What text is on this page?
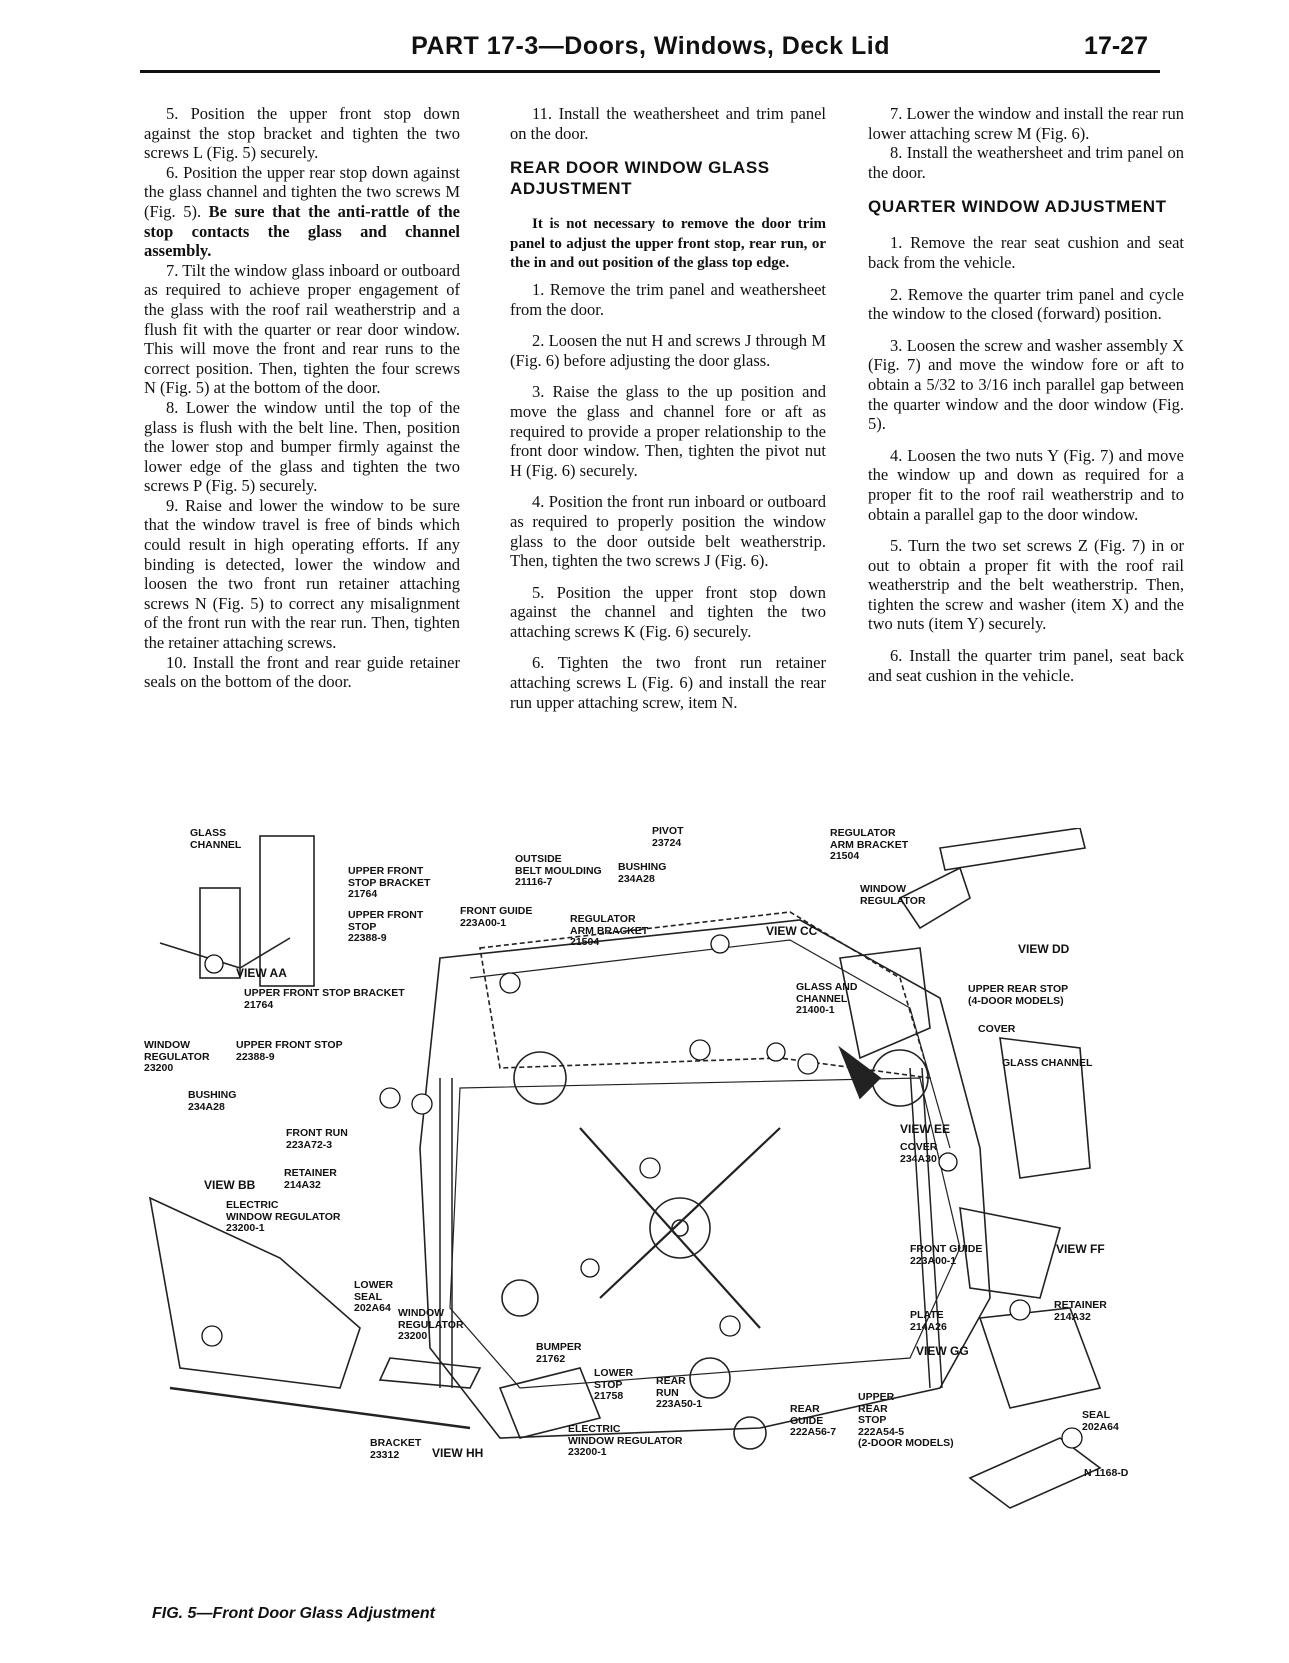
PART 17-3—Doors, Windows, Deck Lid	17-27

5. Position the upper front stop down against the stop bracket and tighten the two screws L (Fig. 5) securely.

6. Position the upper rear stop down against the glass channel and tighten the two screws M (Fig. 5). Be sure that the anti-rattle of the stop contacts the glass and channel assembly.

7. Tilt the window glass inboard or outboard as required to achieve proper engagement of the glass with the roof rail weatherstrip and a flush fit with the quarter or rear door window. This will move the front and rear runs to the correct position. Then, tighten the four screws N (Fig. 5) at the bottom of the door.

8. Lower the window until the top of the glass is flush with the belt line. Then, position the lower stop and bumper firmly against the lower edge of the glass and tighten the two screws P (Fig. 5) securely.

9. Raise and lower the window to be sure that the window travel is free of binds which could result in high operating efforts. If any binding is detected, lower the window and loosen the two front run retainer attaching screws N (Fig. 5) to correct any misalignment of the front run with the rear run. Then, tighten the retainer attaching screws.

10. Install the front and rear guide retainer seals on the bottom of the door.

11. Install the weathersheet and trim panel on the door.

REAR DOOR WINDOW GLASS ADJUSTMENT

It is not necessary to remove the door trim panel to adjust the upper front stop, rear run, or the in and out position of the glass top edge.

1. Remove the trim panel and weathersheet from the door.

2. Loosen the nut H and screws J through M (Fig. 6) before adjusting the door glass.

3. Raise the glass to the up position and move the glass and channel fore or aft as required to provide a proper relationship to the front door window. Then, tighten the pivot nut H (Fig. 6) securely.

4. Position the front run inboard or outboard as required to properly position the window glass to the door outside belt weatherstrip. Then, tighten the two screws J (Fig. 6).

5. Position the upper front stop down against the channel and tighten the two attaching screws K (Fig. 6) securely.

6. Tighten the two front run retainer attaching screws L (Fig. 6) and install the rear run upper attaching screw, item N.

7. Lower the window and install the rear run lower attaching screw M (Fig. 6).

8. Install the weathersheet and trim panel on the door.

QUARTER WINDOW ADJUSTMENT

1. Remove the rear seat cushion and seat back from the vehicle.

2. Remove the quarter trim panel and cycle the window to the closed (forward) position.

3. Loosen the screw and washer assembly X (Fig. 7) and move the window fore or aft to obtain a 5/32 to 3/16 inch parallel gap between the quarter window and the door window (Fig. 5).

4. Loosen the two nuts Y (Fig. 7) and move the window up and down as required for a proper fit to the roof rail weatherstrip and to obtain a parallel gap to the door window.

5. Turn the two set screws Z (Fig. 7) in or out to obtain a proper fit with the roof rail weatherstrip and the belt weatherstrip. Then, tighten the screw and washer (item X) and the two nuts (item Y) securely.

6. Install the quarter trim panel, seat back and seat cushion in the vehicle.

GLASS
CHANNEL
UPPER FRONT
STOP BRACKET
21764
OUTSIDE
BELT MOULDING
21116-7
BUSHING
234A28
PIVOT
23724
REGULATOR
ARM BRACKET
21504
WINDOW
REGULATOR
UPPER FRONT
STOP
22388-9
FRONT GUIDE
223A00-1	REGULATOR
ARM BRACKET
21504
VIEW CC
VIEW DD
VIEW AA
UPPER FRONT STOP BRACKET
21764
GLASS AND
CHANNEL
21400-1
UPPER REAR STOP
(4-DOOR MODELS)
COVER
WINDOW
REGULATOR
23200
UPPER FRONT STOP
22388-9
GLASS CHANNEL
BUSHING
234A28
FRONT RUN
223A72-3
VIEW EE
COVER
234A30
VIEW BB
RETAINER
214A32
ELECTRIC
WINDOW REGULATOR
23200-1
FRONT GUIDE
223A00-1
VIEW FF
LOWER
SEAL
202A64 WINDOW
REGULATOR
23200
RETAINER
214A32
PLATE
214A26
BUMPER
21762
VIEW GG
LOWER
STOP
21758
REAR
RUN
223A50-1	REAR
GUIDE
222A56-7
UPPER
REAR
STOP
222A54-5
(2-DOOR MODELS)
SEAL
202A64
BRACKET
23312	VIEW HH
ELECTRIC
WINDOW REGULATOR
23200-1
N 1168-D
FIG. 5—Front Door Glass Adjustment
